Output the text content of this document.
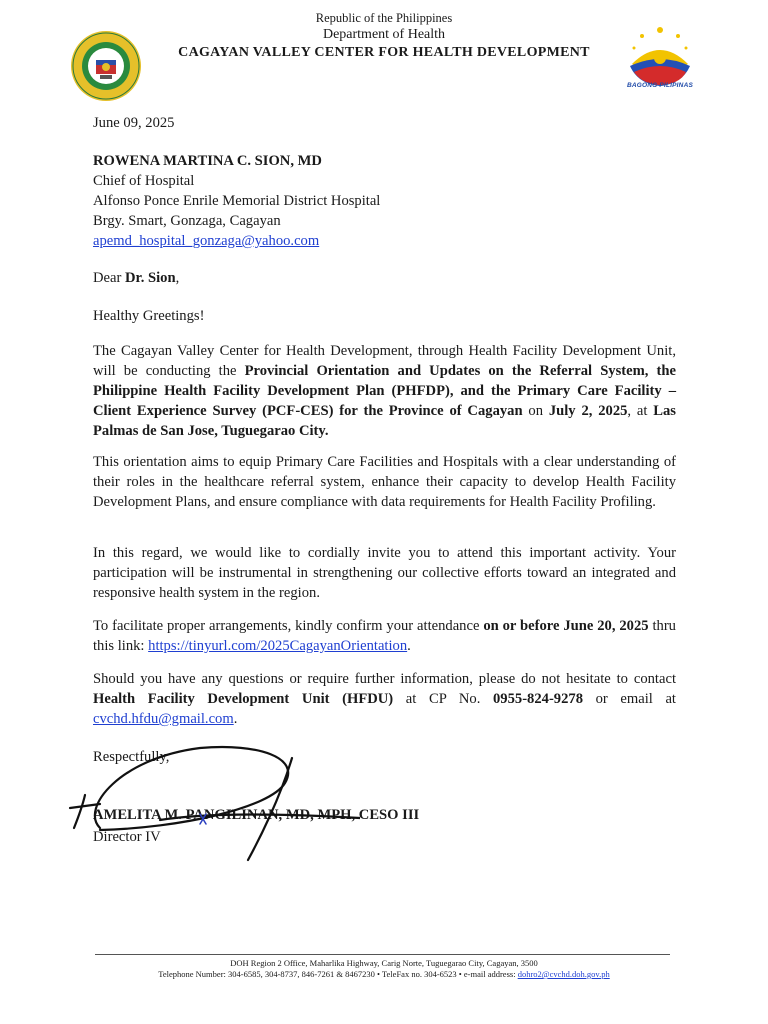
Republic of the Philippines
Department of Health
CAGAYAN VALLEY CENTER FOR HEALTH DEVELOPMENT
BAGONG PILIPINAS
June 09, 2025
ROWENA MARTINA C. SION, MD
Chief of Hospital
Alfonso Ponce Enrile Memorial District Hospital
Brgy. Smart, Gonzaga, Cagayan
apemd_hospital_gonzaga@yahoo.com
Dear Dr. Sion,
Healthy Greetings!
The Cagayan Valley Center for Health Development, through Health Facility Development Unit, will be conducting the Provincial Orientation and Updates on the Referral System, the Philippine Health Facility Development Plan (PHFDP), and the Primary Care Facility – Client Experience Survey (PCF-CES) for the Province of Cagayan on July 2, 2025, at Las Palmas de San Jose, Tuguegarao City.
This orientation aims to equip Primary Care Facilities and Hospitals with a clear understanding of their roles in the healthcare referral system, enhance their capacity to develop Health Facility Development Plans, and ensure compliance with data requirements for Health Facility Profiling.
In this regard, we would like to cordially invite you to attend this important activity. Your participation will be instrumental in strengthening our collective efforts toward an integrated and responsive health system in the region.
To facilitate proper arrangements, kindly confirm your attendance on or before June 20, 2025 thru this link: https://tinyurl.com/2025CagayanOrientation.
Should you have any questions or require further information, please do not hesitate to contact Health Facility Development Unit (HFDU) at CP No. 0955-824-9278 or email at cvchd.hfdu@gmail.com.
Respectfully,
AMELITA M. PANGILINAN, MD, MPH, CESO III
Director IV
DOH Region 2 Office, Maharlika Highway, Carig Norte, Tuguegarao City, Cagayan, 3500
Telephone Number: 304-6585, 304-8737, 846-7261 & 8467230 • TeleFax no. 304-6523 • e-mail address: dohro2@cvchd.doh.gov.ph
